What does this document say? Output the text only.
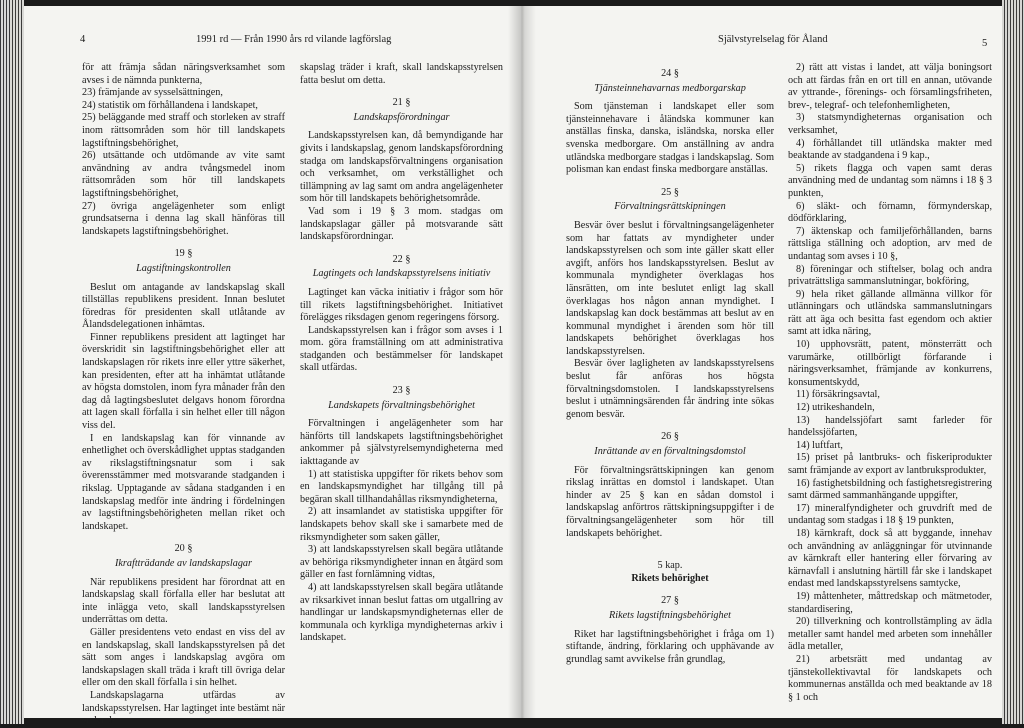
4	1991 rd — Från 1990 års rd vilande lagförslag

för att främja sådan näringsverksamhet som avses i de nämnda punkterna,

23) främjande av sysselsättningen,

24) statistik om förhållandena i landskapet,

25) beläggande med straff och storleken av straff inom rättsområden som hör till landskapets lagstiftningsbehörighet,

26) utsättande och utdömande av vite samt användning av andra tvångsmedel inom rättsområden som hör till landskapets lagstiftningsbehörighet,

27) övriga angelägenheter som enligt grundsatserna i denna lag skall hänföras till landskapets lagstiftningsbehörighet.

19 §
Lagstiftningskontrollen

Beslut om antagande av landskapslag skall tillställas republikens president. Innan beslutet föredras för presidenten skall utlåtande av Ålandsdelegationen inhämtas.

Finner republikens president att lagtinget har överskridit sin lagstiftningsbehörighet eller att landskapslagen rör rikets inre eller yttre säkerhet, kan presidenten, efter att ha inhämtat utlåtande av högsta domstolen, inom fyra månader från den dag då lagtingsbeslutet delgavs honom förordna att lagen skall förfalla i sin helhet eller till någon viss del.

I en landskapslag kan för vinnande av enhetlighet och överskådlighet upptas stadganden av rikslagstiftningsnatur som i sak överensstämmer med motsvarande stadganden i rikslag. Upptagande av sådana stadganden i en landskapslag medför inte ändring i fördelningen av lagstiftningsbehörigheten mellan riket och landskapet.

20 §
Ikraftträdande av landskapslagar

När republikens president har förordnat att en landskapslag skall förfalla eller har beslutat att inte inlägga veto, skall landskapsstyrelsen underrättas om detta.

Gäller presidentens veto endast en viss del av en landskapslag, skall landskapsstyrelsen på det sätt som anges i landskapslag avgöra om landskapslagen skall träda i kraft till övriga delar eller om den skall förfalla i sin helhet.

Landskapslagarna utfärdas av landskapsstyrelsen. Har lagtinget inte bestämt när en land-

skapslag träder i kraft, skall landskapsstyrelsen fatta beslut om detta.

21 §
Landskapsförordningar

Landskapsstyrelsen kan, då bemyndigande har givits i landskapslag, genom landskapsförordning stadga om landskapsförvaltningens organisation och verksamhet, om verkställighet och tillämpning av lag samt om andra angelägenheter som hör till landskapets behörighetsområde.

Vad som i 19 § 3 mom. stadgas om landskapslagar gäller på motsvarande sätt landskapsförordningar.

22 §
Lagtingets och landskapsstyrelsens initiativ

Lagtinget kan väcka initiativ i frågor som hör till rikets lagstiftningsbehörighet. Initiativet förelägges riksdagen genom regeringens försorg.

Landskapsstyrelsen kan i frågor som avses i 1 mom. göra framställning om att administrativa stadganden och bestämmelser för landskapet skall utfärdas.

23 §
Landskapets förvaltningsbehörighet

Förvaltningen i angelägenheter som har hänförts till landskapets lagstiftningsbehörighet ankommer på självstyrelsemyndigheterna med iakttagande av

1) att statistiska uppgifter för rikets behov som en landskapsmyndighet har tillgång till på begäran skall tillhandahållas riksmyndigheterna,

2) att insamlandet av statistiska uppgifter för landskapets behov skall ske i samarbete med de riksmyndigheter som saken gäller,

3) att landskapsstyrelsen skall begära utlåtande av behöriga riksmyndigheter innan en åtgärd som gäller en fast fornlämning vidtas,

4) att landskapsstyrelsen skall begära utlåtande av riksarkivet innan beslut fattas om utgallring av handlingar ur landskapsmyndigheternas eller de kommunala och kyrkliga myndigheternas arkiv i landskapet.

Självstyrelselag för Åland	5
24 §
Tjänsteinnehavarnas medborgarskap

Som tjänsteman i landskapet eller som tjänsteinnehavare i åländska kommuner kan anställas finska, danska, isländska, norska eller svenska medborgare. Om anställning av andra utländska medborgare stadgas i landskapslag. Som polisman kan endast finska medborgare anställas.

25 §
Förvaltningsrättskipningen

Besvär över beslut i förvaltningsangelägenheter som har fattats av myndigheter under landskapsstyrelsen och som inte gäller skatt eller avgift, anförs hos landskapsstyrelsen. Beslut av kommunala myndigheter överklagas hos länsrätten, om inte beslutet enligt lag skall överklagas hos någon annan myndighet. I landskapslag kan dock bestämmas att beslut av en kommunal myndighet i ärenden som hör till landskapets behörighet överklagas hos landskapsstyrelsen.

Besvär över lagligheten av landskapsstyrelsens beslut får anföras hos högsta förvaltningsdomstolen. I landskapsstyrelsens beslut i utnämningsärenden får ändring inte sökas genom besvär.

26 §
Inrättande av en förvaltningsdomstol

För förvaltningsrättskipningen kan genom rikslag inrättas en domstol i landskapet. Utan hinder av 25 § kan en sådan domstol i landskapslag anförtros rättskipningsuppgifter i de förvaltningsangelägenheter som hör till landskapets behörighet.

5 kap.
Rikets behörighet
27 §
Rikets lagstiftningsbehörighet

Riket har lagstiftningsbehörighet i fråga om 1) stiftande, ändring, förklaring och upphävande av grundlag samt avvikelse från grundlag,

2) rätt att vistas i landet, att välja boningsort och att färdas från en ort till en annan, utövande av yttrande-, förenings- och församlingsfriheten, brev-, telegraf- och telefonhemligheten,

3) statsmyndigheternas organisation och verksamhet,

4) förhållandet till utländska makter med beaktande av stadgandena i 9 kap.,

5) rikets flagga och vapen samt deras användning med de undantag som nämns i 18 § 3 punkten,

6) släkt- och förnamn, förmynderskap, dödförklaring,

7) äktenskap och familjeförhållanden, barns rättsliga ställning och adoption, arv med de undantag som avses i 10 §,

8) föreningar och stiftelser, bolag och andra privaträttsliga sammanslutningar, bokföring,

9) hela riket gällande allmänna villkor för utlänningars och utländska sammanslutningars rätt att äga och besitta fast egendom och aktier samt att idka näring,

10) upphovsrätt, patent, mönsterrätt och varumärke, otillbörligt förfarande i näringsverksamhet, främjande av konkurrens, konsumentskydd,

11) försäkringsavtal,

12) utrikeshandeln,

13) handelssjöfart samt farleder för handelssjöfarten,

14) luftfart,

15) priset på lantbruks- och fiskeriprodukter samt främjande av export av lantbruksprodukter,

16) fastighetsbildning och fastighetsregistrering samt därmed sammanhängande uppgifter,

17) mineralfyndigheter och gruvdrift med de undantag som stadgas i 18 § 19 punkten,

18) kärnkraft, dock så att byggande, innehav och användning av anläggningar för utvinnande av kärnkraft eller hantering eller förvaring av kärnavfall i anslutning härtill får ske i landskapet endast med landskapsstyrelsens samtycke,

19) måttenheter, måttredskap och mätmetoder, standardisering,

20) tillverkning och kontrollstämpling av ädla metaller samt handel med arbeten som innehåller ädla metaller,

21) arbetsrätt med undantag av tjänstekollektivavtal för landskapets och kommunernas anställda och med beaktande av 18 § 1 och
